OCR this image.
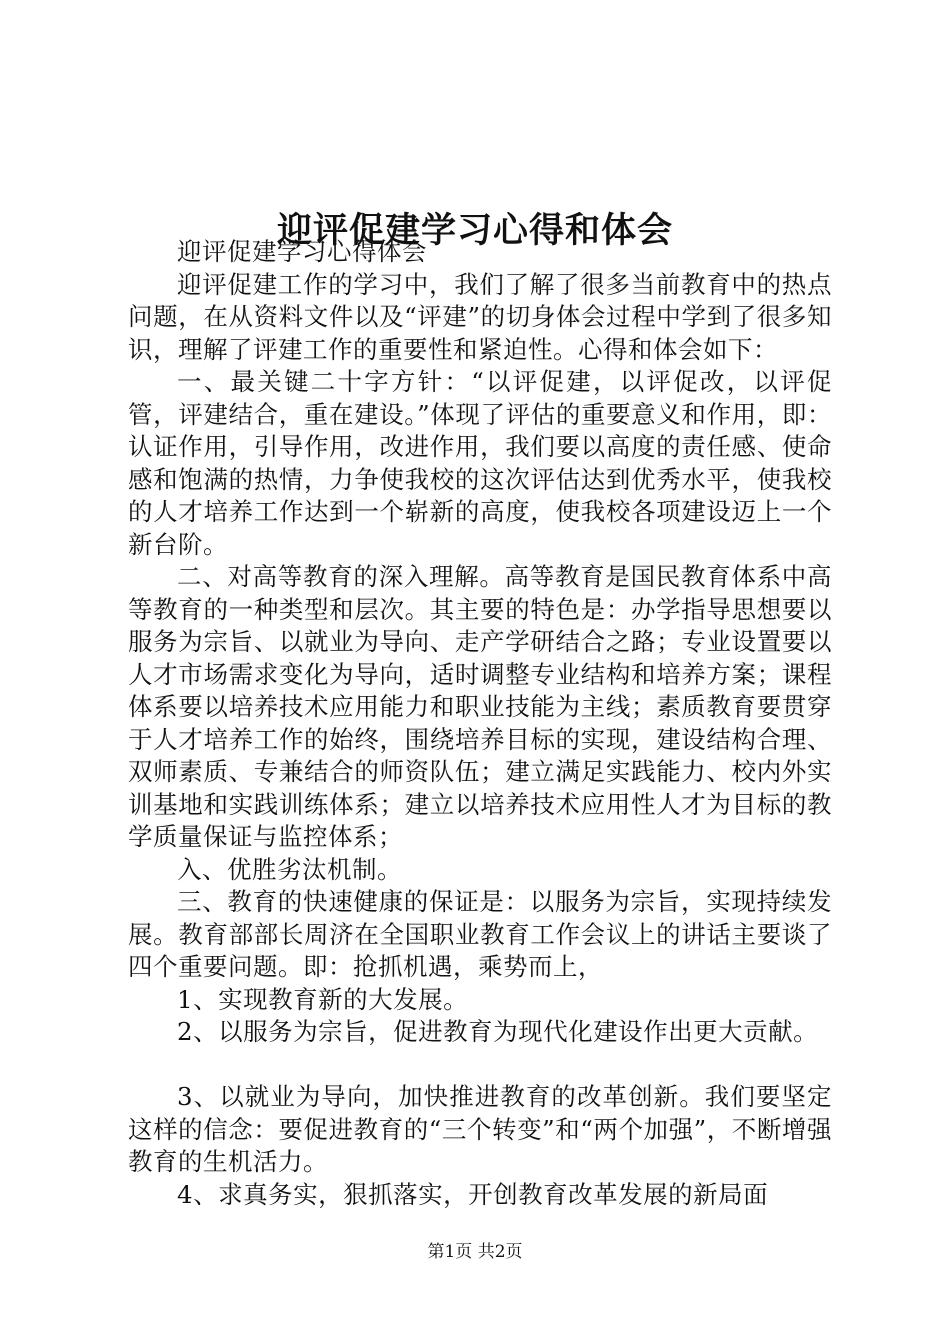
迎评促建学习心得和体会

迎评促建学习心得体会

迎评促建工作的学习中，我们了解了很多当前教育中的热点问题，在从资料文件以及“评建”的切身体会过程中学到了很多知识，理解了评建工作的重要性和紧迫性。心得和体会如下：

一、最关键二十字方针：“以评促建，以评促改，以评促管，评建结合，重在建设。”体现了评估的重要意义和作用，即：认证作用，引导作用，改进作用，我们要以高度的责任感、使命感和饱满的热情，力争使我校的这次评估达到优秀水平，使我校的人才培养工作达到一个崭新的高度，使我校各项建设迈上一个新台阶。

二、对高等教育的深入理解。高等教育是国民教育体系中高等教育的一种类型和层次。其主要的特色是：办学指导思想要以服务为宗旨、以就业为导向、走产学研结合之路；专业设置要以人才市场需求变化为导向，适时调整专业结构和培养方案；课程体系要以培养技术应用能力和职业技能为主线；素质教育要贯穿于人才培养工作的始终，围绕培养目标的实现，建设结构合理、双师素质、专兼结合的师资队伍；建立满足实践能力、校内外实训基地和实践训练体系；建立以培养技术应用性人才为目标的教学质量保证与监控体系；

入、优胜劣汰机制。

三、教育的快速健康的保证是：以服务为宗旨，实现持续发展。教育部部长周济在全国职业教育工作会议上的讲话主要谈了四个重要问题。即：抢抓机遇，乘势而上，

1、实现教育新的大发展。

2、以服务为宗旨，促进教育为现代化建设作出更大贡献。

3、以就业为导向，加快推进教育的改革创新。我们要坚定这样的信念：要促进教育的“三个转变”和“两个加强”，不断增强教育的生机活力。

4、求真务实，狠抓落实，开创教育改革发展的新局面

第1页 共2页
